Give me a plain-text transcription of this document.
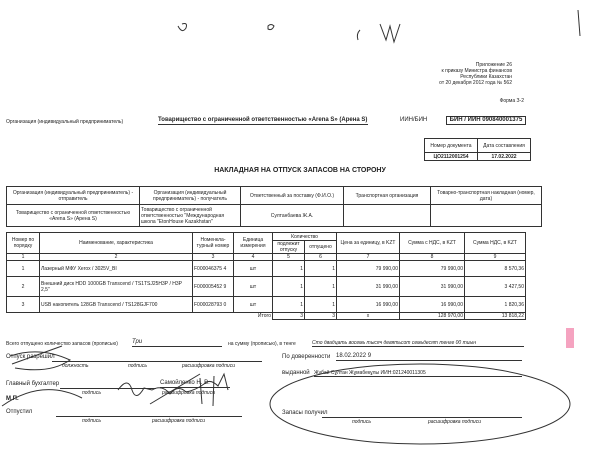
Приложение 26
к приказу Министра финансов
Республики Казахстан
от 20 декабря 2012 года № 562
Форма З-2
Организация (индивидуальный предприниматель)	Товарищество с ограниченной ответственностью «Arena S» (Арена S)	ИИН/БИН	БИН / ИИН 090840001375
Номер документа	Дата составления
ЦО2112001254	17.02.2022
НАКЛАДНАЯ НА ОТПУСК ЗАПАСОВ НА СТОРОНУ
Организация (индивидуальный предприниматель) - отправитель	Организация (индивидуальный предприниматель) - получатель	Ответственный за поставку (Ф.И.О.)	Транспортная организация	Товарно-транспортная накладная (номер, дата)
Товарищество с ограниченной ответственностью «Arena S» (Арена S)	Товарищество с ограниченной ответственностью "Международная школа "EtonHouse Kazakhstan"	Султанбаева Ж.А.		
Номер по порядку	Наименование, характеристика	Номенкла-турный номер	Единица измерения	Количество		Цена за единицу, в KZT	Сумма с НДС, в KZT	Сумма НДС, в KZT
				подлежит отпуску	отпущено			
1	2	3	4	5	6	7	8	9
1	Лазерный МФУ Xerox / 3025V_BI	F000046375 4	шт	1	1	79 990,00	79 990,00	8 570,36
2	Внешний диск HDD 1000GB Transcend / TS1TSJ25H3P / H3P 2,5"	F000005452 9	шт	1	1	31 990,00	31 990,00	3 427,50
3	USB накопитель 128GB Transcend / TS128GJF700	F000028793 0	шт	1	1	16 990,00	16 990,00	1 820,36
		Итого		3	3	x	128 970,00	13 818,22
Всего отпущено количество запасов (прописью) Три	на сумму (прописью), в тенге	Сто двадцать восемь тысяч девятьсот семьдесят тенге 00 тиын
Отпуск разрешил
должность	подпись	расшифровка подписи
По доверенности 18.02.2022 9
выданной Жұбай Сұлтан Жұмабекұлы ИИН:021240011305
Главный бухгалтер	Самойленко Н. В.
подпись	расшифровка подписи
М.П.
Отпустил
подпись	расшифровка подписи
Запасы получил
подпись	расшифровка подписи
